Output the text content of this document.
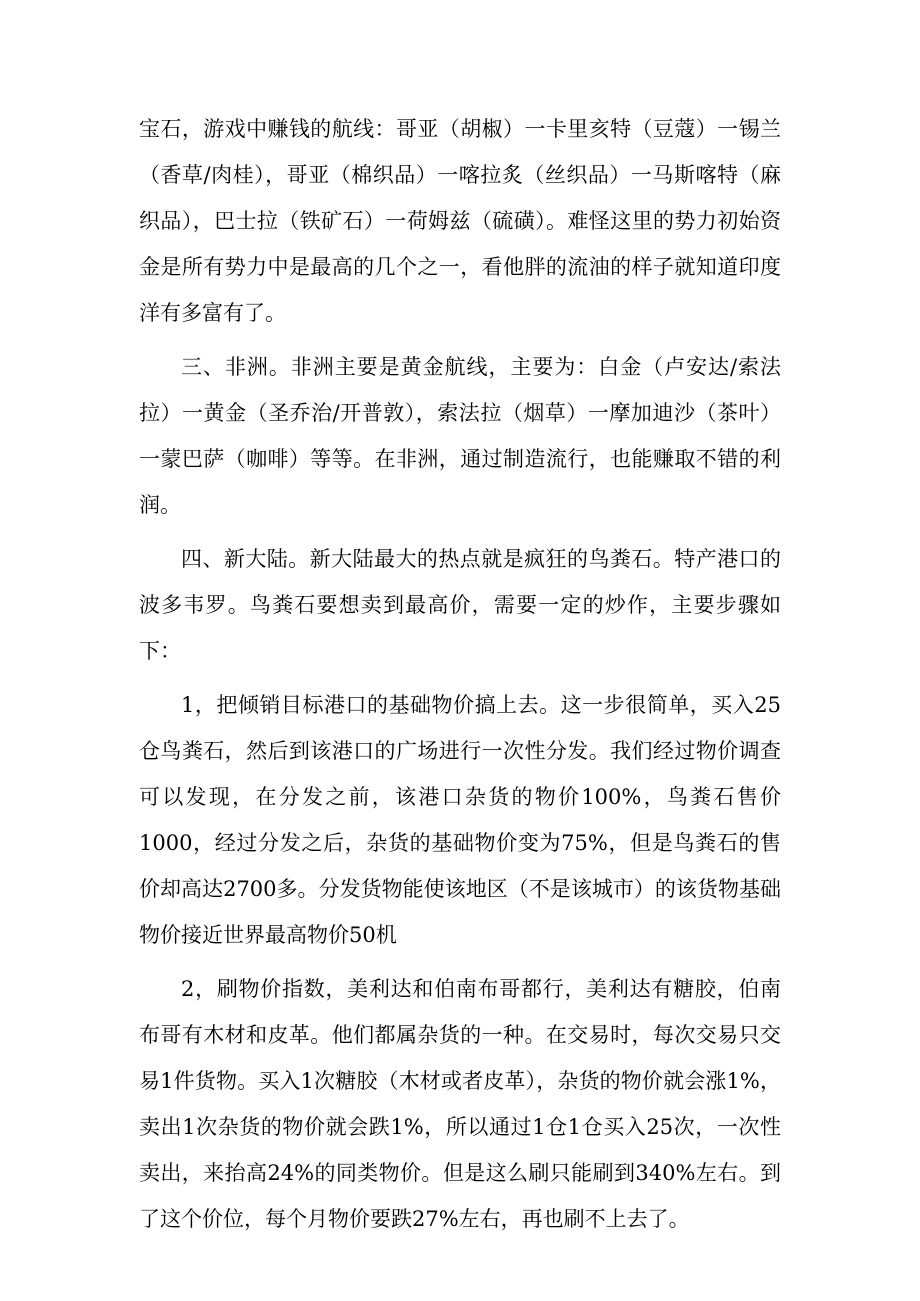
宝石，游戏中赚钱的航线：哥亚（胡椒）一卡里亥特（豆蔻）一锡兰（香草/肉桂），哥亚（棉织品）一喀拉炙（丝织品）一马斯喀特（麻织品），巴士拉（铁矿石）一荷姆兹（硫磺）。难怪这里的势力初始资金是所有势力中是最高的几个之一，看他胖的流油的样子就知道印度洋有多富有了。

三、非洲。非洲主要是黄金航线，主要为：白金（卢安达/索法拉）一黄金（圣乔治/开普敦），索法拉（烟草）一摩加迪沙（茶叶）一蒙巴萨（咖啡）等等。在非洲，通过制造流行，也能赚取不错的利润。

四、新大陆。新大陆最大的热点就是疯狂的鸟粪石。特产港口的波多韦罗。鸟粪石要想卖到最高价，需要一定的炒作，主要步骤如下：

1，把倾销目标港口的基础物价搞上去。这一步很简单，买入25仓鸟粪石，然后到该港口的广场进行一次性分发。我们经过物价调查可以发现，在分发之前，该港口杂货的物价100%，鸟粪石售价1000，经过分发之后，杂货的基础物价变为75%，但是鸟粪石的售价却高达2700多。分发货物能使该地区（不是该城市）的该货物基础物价接近世界最高物价50机

2，刷物价指数，美利达和伯南布哥都行，美利达有糖胶，伯南布哥有木材和皮革。他们都属杂货的一种。在交易时，每次交易只交易1件货物。买入1次糖胶（木材或者皮革），杂货的物价就会涨1%，卖出1次杂货的物价就会跌1%，所以通过1仓1仓买入25次，一次性卖出，来抬高24%的同类物价。但是这么刷只能刷到340%左右。到了这个价位，每个月物价要跌27%左右，再也刷不上去了。
